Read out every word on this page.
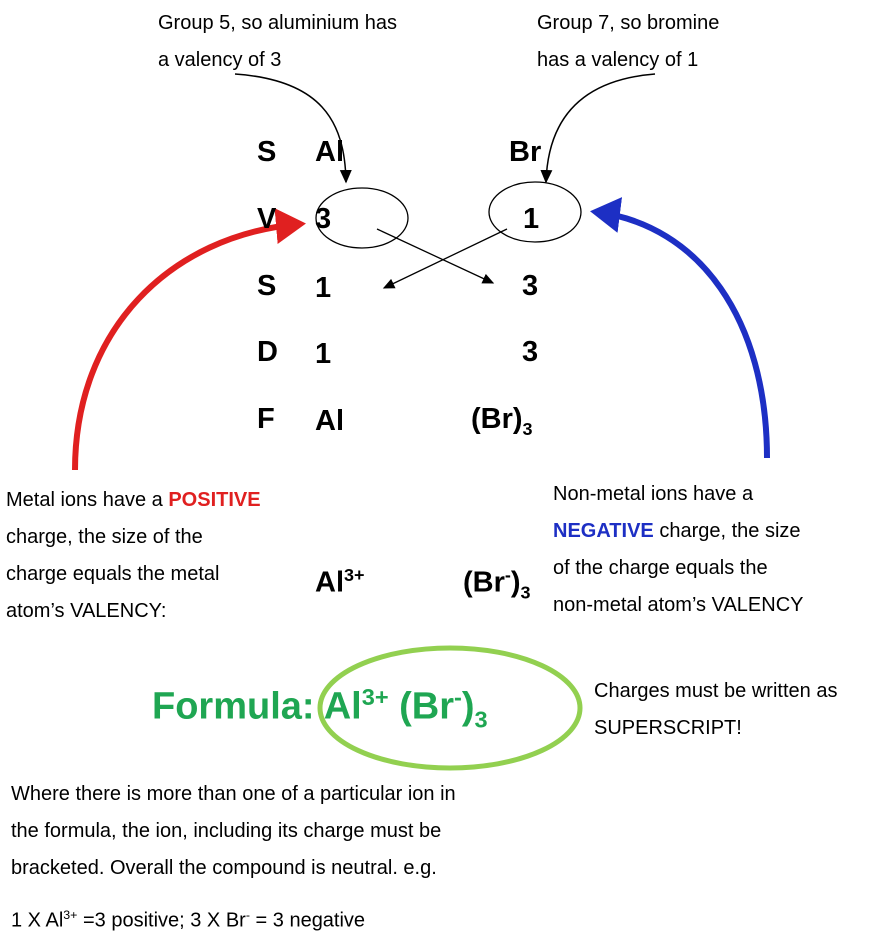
Group 5, so aluminium has
a valency of 3
Group 7, so bromine
has a valency of 1
S
V
S
D
F
Al
3
1
1
Al
Br
1
3
3
$(Br)_3$
Metal ions have a POSITIVE
charge, the size of the
charge equals the metal
atom’s VALENCY:
Non-metal ions have a
NEGATIVE charge, the size
of the charge equals the
non-metal atom’s VALENCY
$Al^{3+}$	$(Br^-)_3$
Formula: $Al^{3+}$ $(Br^-)_3$
Charges must be written as
SUPERSCRIPT!
Where there is more than one of a particular ion in
the formula, the ion, including its charge must be
bracketed. Overall the compound is neutral. e.g.
1 X $Al^{3+} =3$ positive; 3 X Br- = 3 negative
